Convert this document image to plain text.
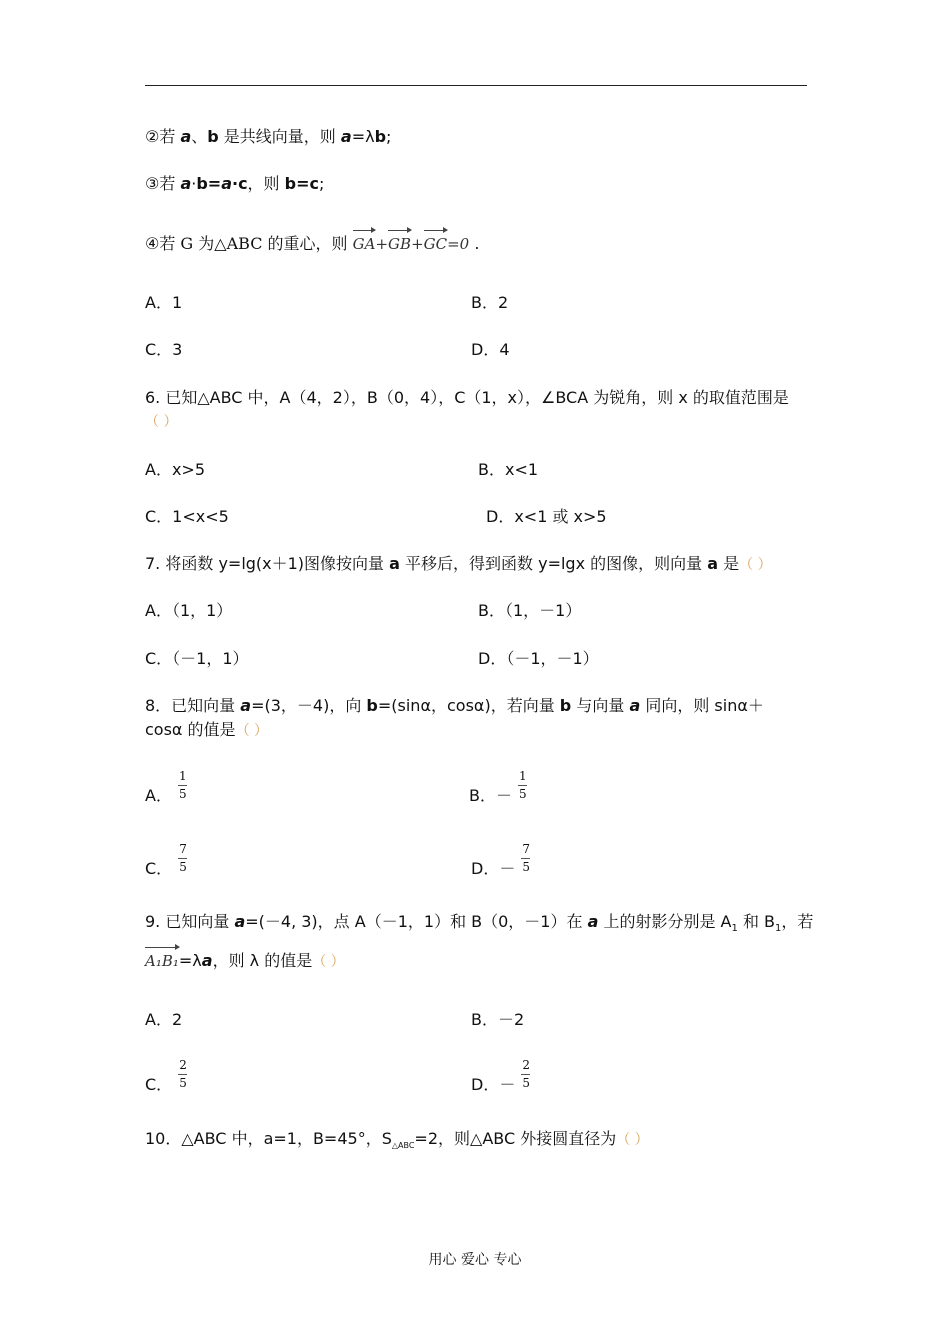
②若 a、b 是共线向量，则 a=λb;
③若 a·b=a·c，则 b=c;
④若 G 为△ABC 的重心，则
GA+
GB+
GC=0 .
A．1	B．2
C．3	D．4
6. 已知△ABC 中，A（4，2），B（0，4），C（1，x），∠BCA 为锐角，则 x 的取值范围是
（ ）
A．x>5	B．x<1
C．1<x<5	D．x<1 或 x>5
7. 将函数 y=lg(x＋1)图像按向量 a 平移后，得到函数 y=lgx 的图像，则向量 a 是（ ）
A．（1，1）	B．（1，－1）
C．（－1，1）	D．（－1，－1）
8．已知向量 a=(3，－4)，向 b=(sinα，cosα)，若向量 b 与向量 a 同向，则 sinα＋
cosα 的值是（ ）
A． $\frac{1}{5}$	B．－ $\frac{1}{5}$
C． $\frac{7}{5}$	D．－ $\frac{7}{5}$
9. 已知向量 a=(－4, 3)，点 A（－1，1）和 B（0，－1）在 a 上的射影分别是 $A_1$ 和 $B_1$，若
A₁B₁=λa，则 λ 的值是（ ）
A．2	B．－2
C． $\frac{2}{5}$	D．－ $\frac{2}{5}$
10．△ABC 中，a=1，B=45°，$S_{\triangle ABC}=2$，则△ABC 外接圆直径为（ ）
用心 爱心 专心
